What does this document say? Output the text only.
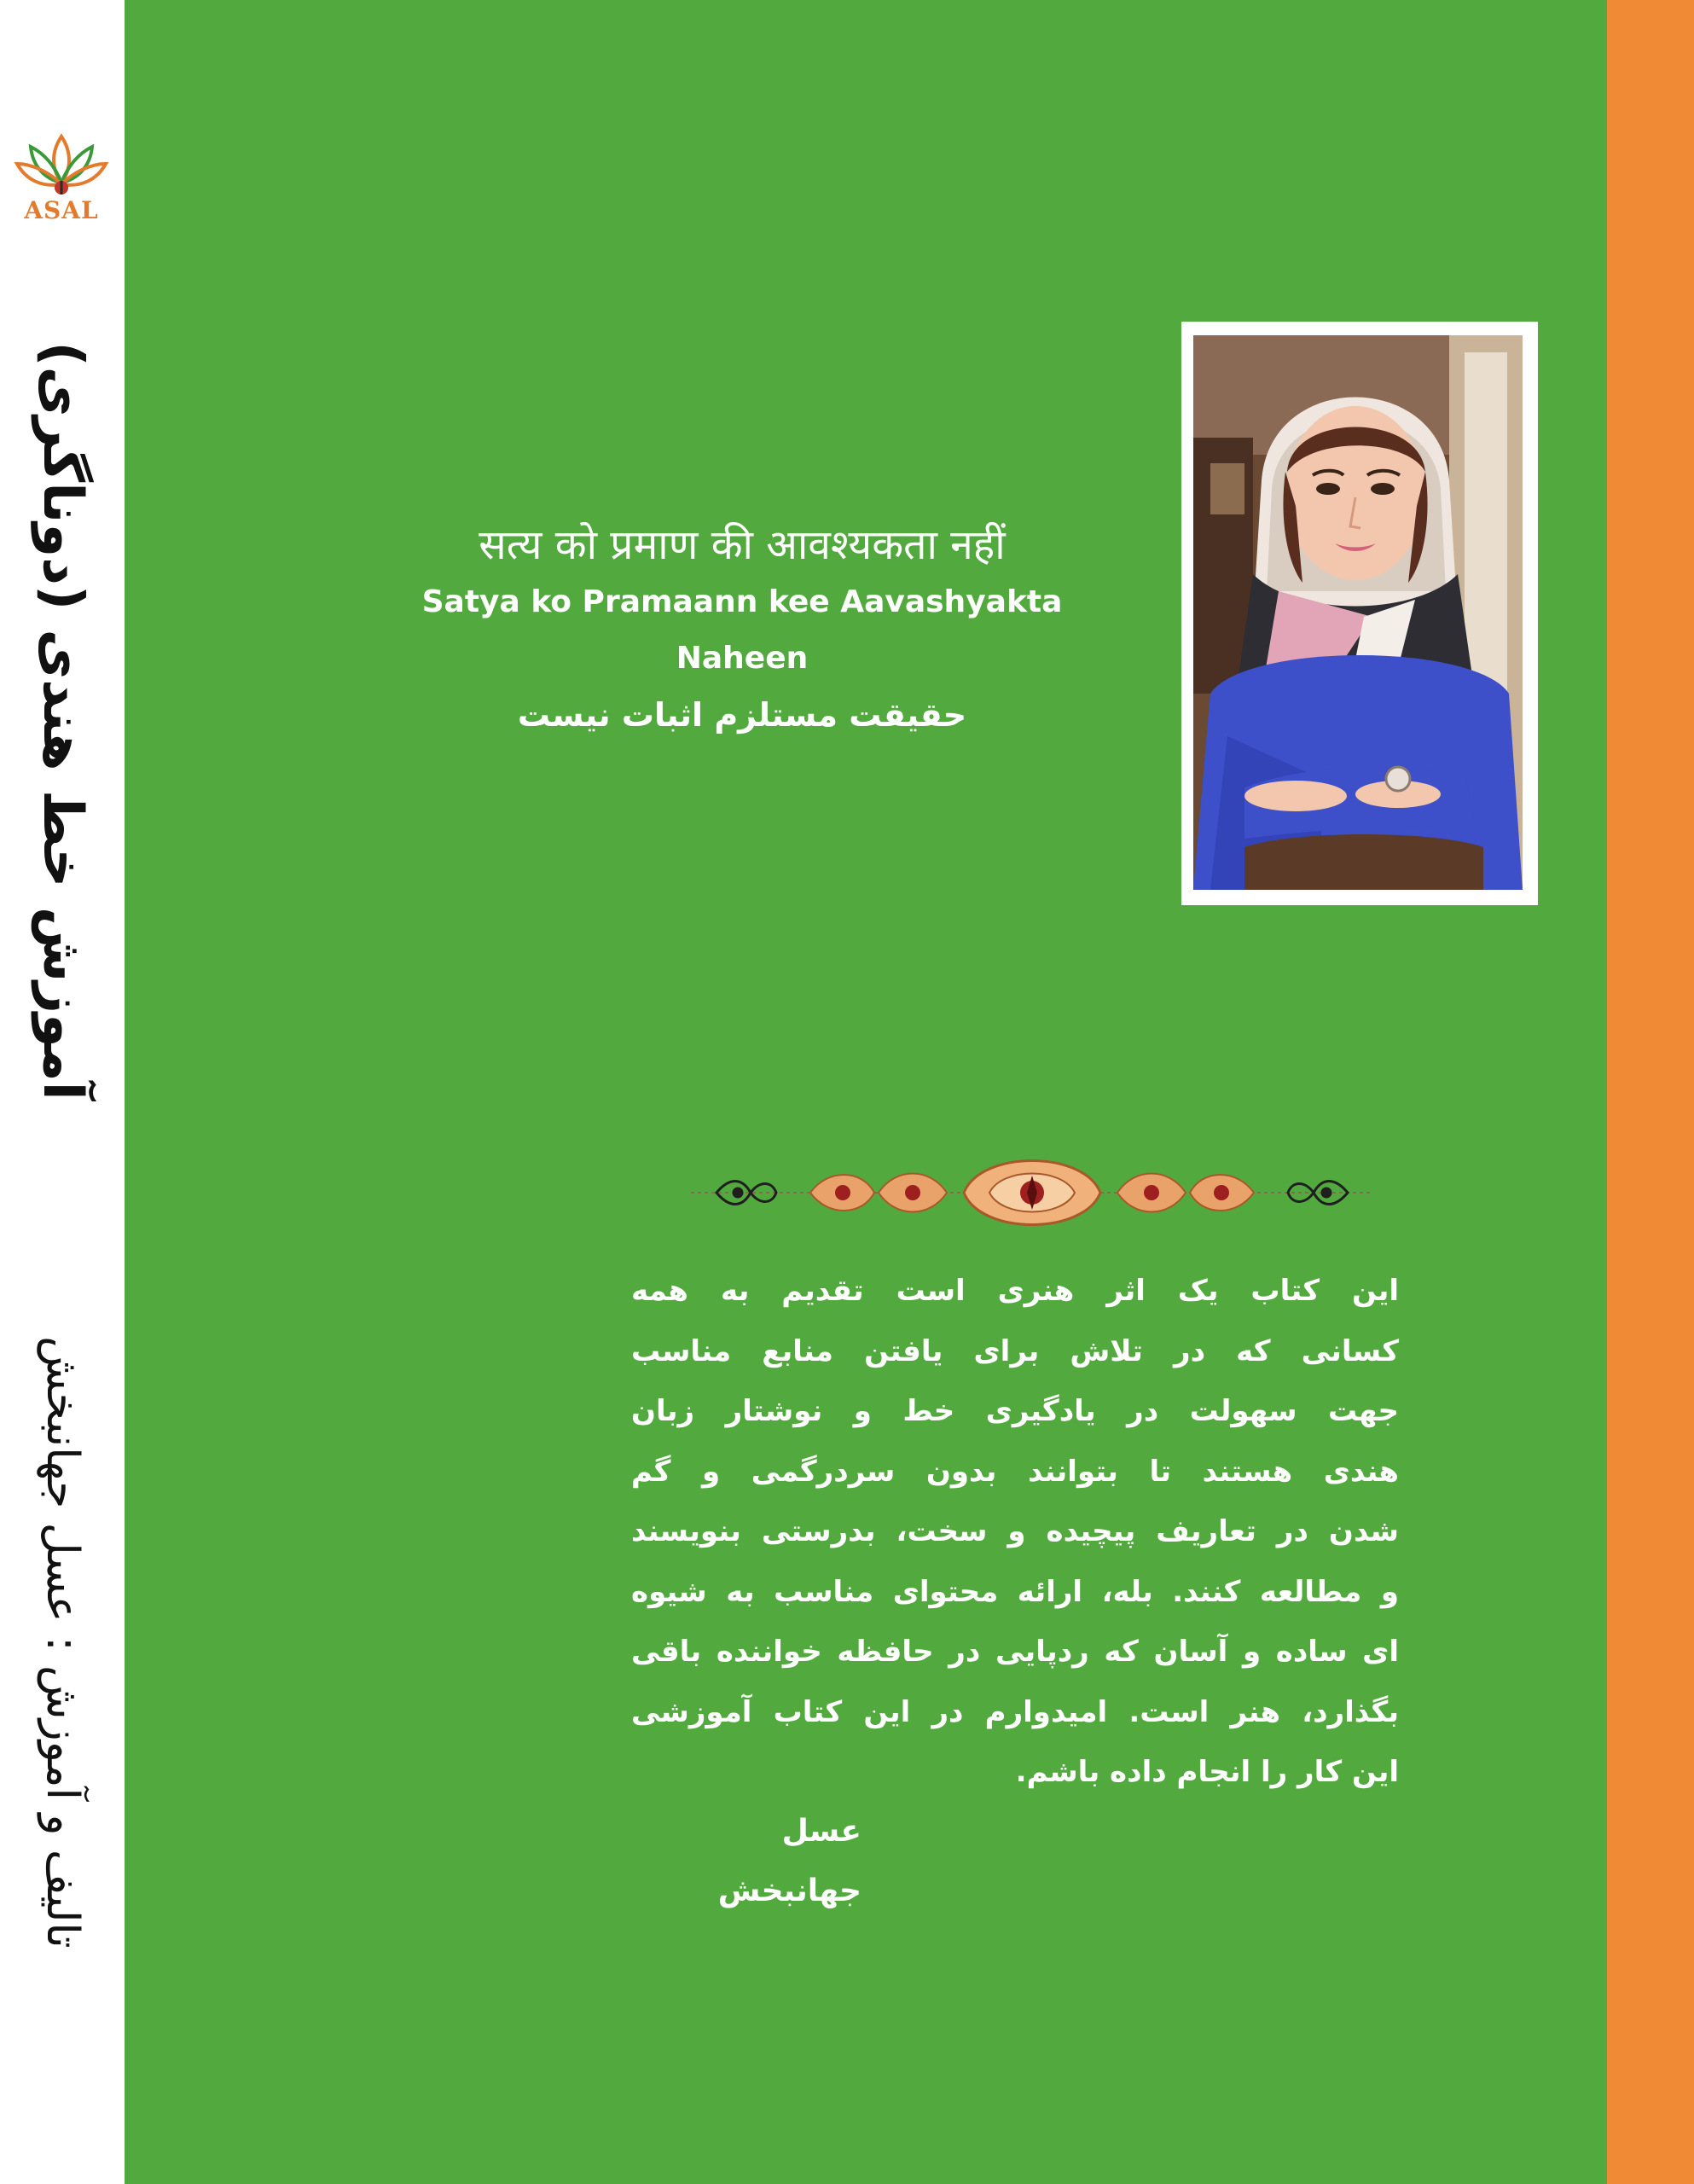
ASAL
آموزش خط هندی (دوناگری)
تالیف و آموزش : عسل جهانبخش
सत्य को प्रमाण की आवश्यकता नहीं
Satya ko Pramaann kee Aavashyakta Naheen
حقیقت مستلزم اثبات نیست
این کتاب یک اثر هنری است تقدیم به همه
کسانی که در تلاش برای یافتن منابع مناسب
جهت سهولت در یادگیری خط و نوشتار زبان
هندی هستند تا بتوانند بدون سردرگمی و گم
شدن در تعاریف پیچیده و سخت، بدرستی بنویسند
و مطالعه کنند. بله، ارائه محتوای مناسب به شیوه
ای ساده و آسان که ردپایی در حافظه خواننده باقی
بگذارد، هنر است. امیدوارم در این کتاب آموزشی
این کار را انجام داده باشم.
عسل جهانبخش
